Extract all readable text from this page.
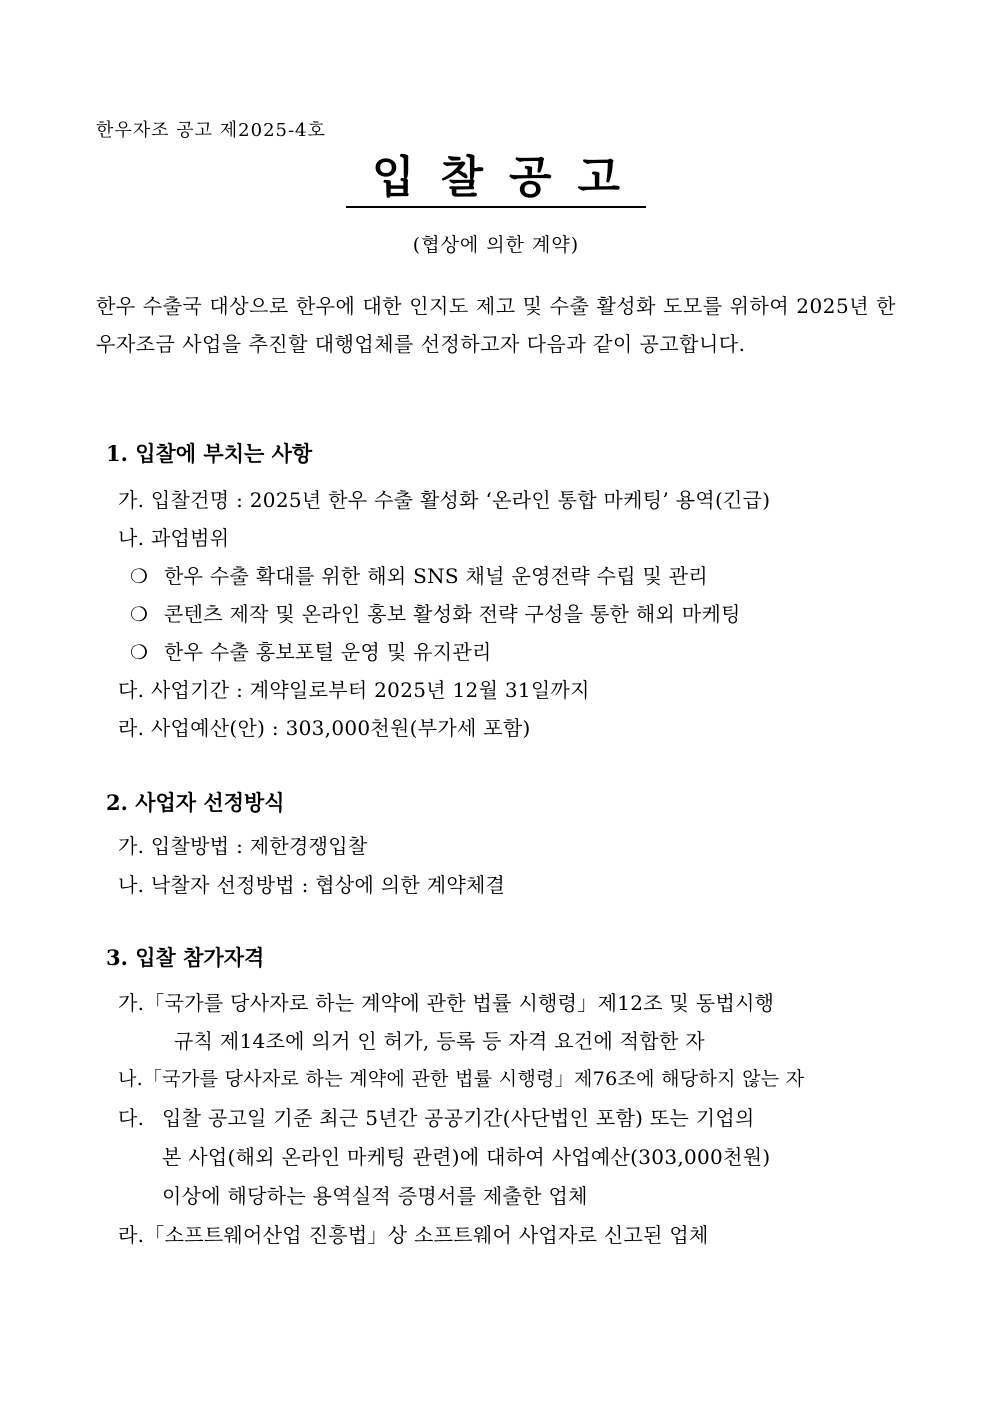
한우자조 공고 제2025-4호
입찰공고
(협상에 의한 계약)
한우 수출국 대상으로 한우에 대한 인지도 제고 및 수출 활성화 도모를 위하여 2025년 한우자조금 사업을 추진할 대행업체를 선정하고자 다음과 같이 공고합니다.
1. 입찰에 부치는 사항
가. 입찰건명 : 2025년 한우 수출 활성화 ‘온라인 통합 마케팅’ 용역(긴급)
나. 과업범위
❍ 한우 수출 확대를 위한 해외 SNS 채널 운영전략 수립 및 관리
❍ 콘텐츠 제작 및 온라인 홍보 활성화 전략 구성을 통한 해외 마케팅
❍ 한우 수출 홍보포털 운영 및 유지관리
다. 사업기간 : 계약일로부터 2025년 12월 31일까지
라. 사업예산(안) : 303,000천원(부가세 포함)
2. 사업자 선정방식
가. 입찰방법 : 제한경쟁입찰
나. 낙찰자 선정방법 : 협상에 의한 계약체결
3. 입찰 참가자격
가.「국가를 당사자로 하는 계약에 관한 법률 시행령」제12조 및 동법시행
규칙 제14조에 의거 인 허가, 등록 등 자격 요건에 적합한 자
나.「국가를 당사자로 하는 계약에 관한 법률 시행령」제76조에 해당하지 않는 자
다. 입찰 공고일 기준 최근 5년간 공공기간(사단법인 포함) 또는 기업의
본 사업(해외 온라인 마케팅 관련)에 대하여 사업예산(303,000천원)
이상에 해당하는 용역실적 증명서를 제출한 업체
라.「소프트웨어산업 진흥법」상 소프트웨어 사업자로 신고된 업체
